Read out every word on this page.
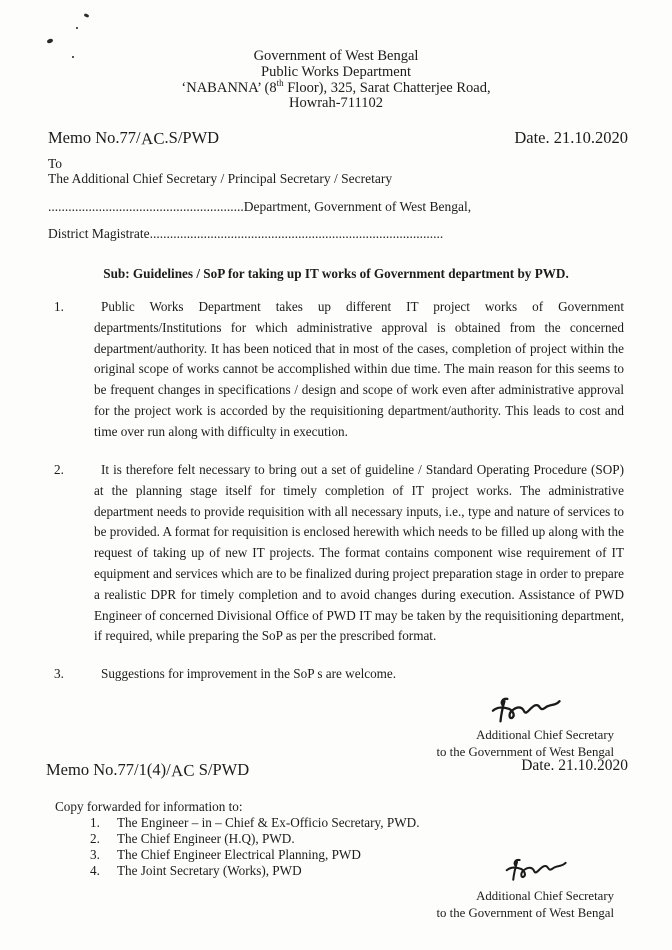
Government of West Bengal
Public Works Department
‘NABANNA’ (8th Floor), 325, Sarat Chatterjee Road,
Howrah-711102
Memo No.77/AC.S/PWD	Date. 21.10.2020
To
The Additional Chief Secretary / Principal Secretary / Secretary
..........................................................Department, Government of West Bengal,
District Magistrate.......................................................................................
Sub: Guidelines / SoP for taking up IT works of Government department by PWD.
1.	Public Works Department takes up different IT project works of Government departments/Institutions for which administrative approval is obtained from the concerned department/authority. It has been noticed that in most of the cases, completion of project within the original scope of works cannot be accomplished within due time. The main reason for this seems to be frequent changes in specifications / design and scope of work even after administrative approval for the project work is accorded by the requisitioning department/authority. This leads to cost and time over run along with difficulty in execution.
2.	It is therefore felt necessary to bring out a set of guideline / Standard Operating Procedure (SOP) at the planning stage itself for timely completion of IT project works. The administrative department needs to provide requisition with all necessary inputs, i.e., type and nature of services to be provided. A format for requisition is enclosed herewith which needs to be filled up along with the request of taking up of new IT projects. The format contains component wise requirement of IT equipment and services which are to be finalized during project preparation stage in order to prepare a realistic DPR for timely completion and to avoid changes during execution. Assistance of PWD Engineer of concerned Divisional Office of PWD IT may be taken by the requisitioning department, if required, while preparing the SoP as per the prescribed format.
3.	Suggestions for improvement in the SoP s are welcome.
Additional Chief Secretary
to the Government of West Bengal
Date. 21.10.2020
Memo No.77/1(4)/AC S/PWD
Copy forwarded for information to:
1. The Engineer – in – Chief & Ex-Officio Secretary, PWD.
2. The Chief Engineer (H.Q), PWD.
3. The Chief Engineer Electrical Planning, PWD
4. The Joint Secretary (Works), PWD
Additional Chief Secretary
to the Government of West Bengal
